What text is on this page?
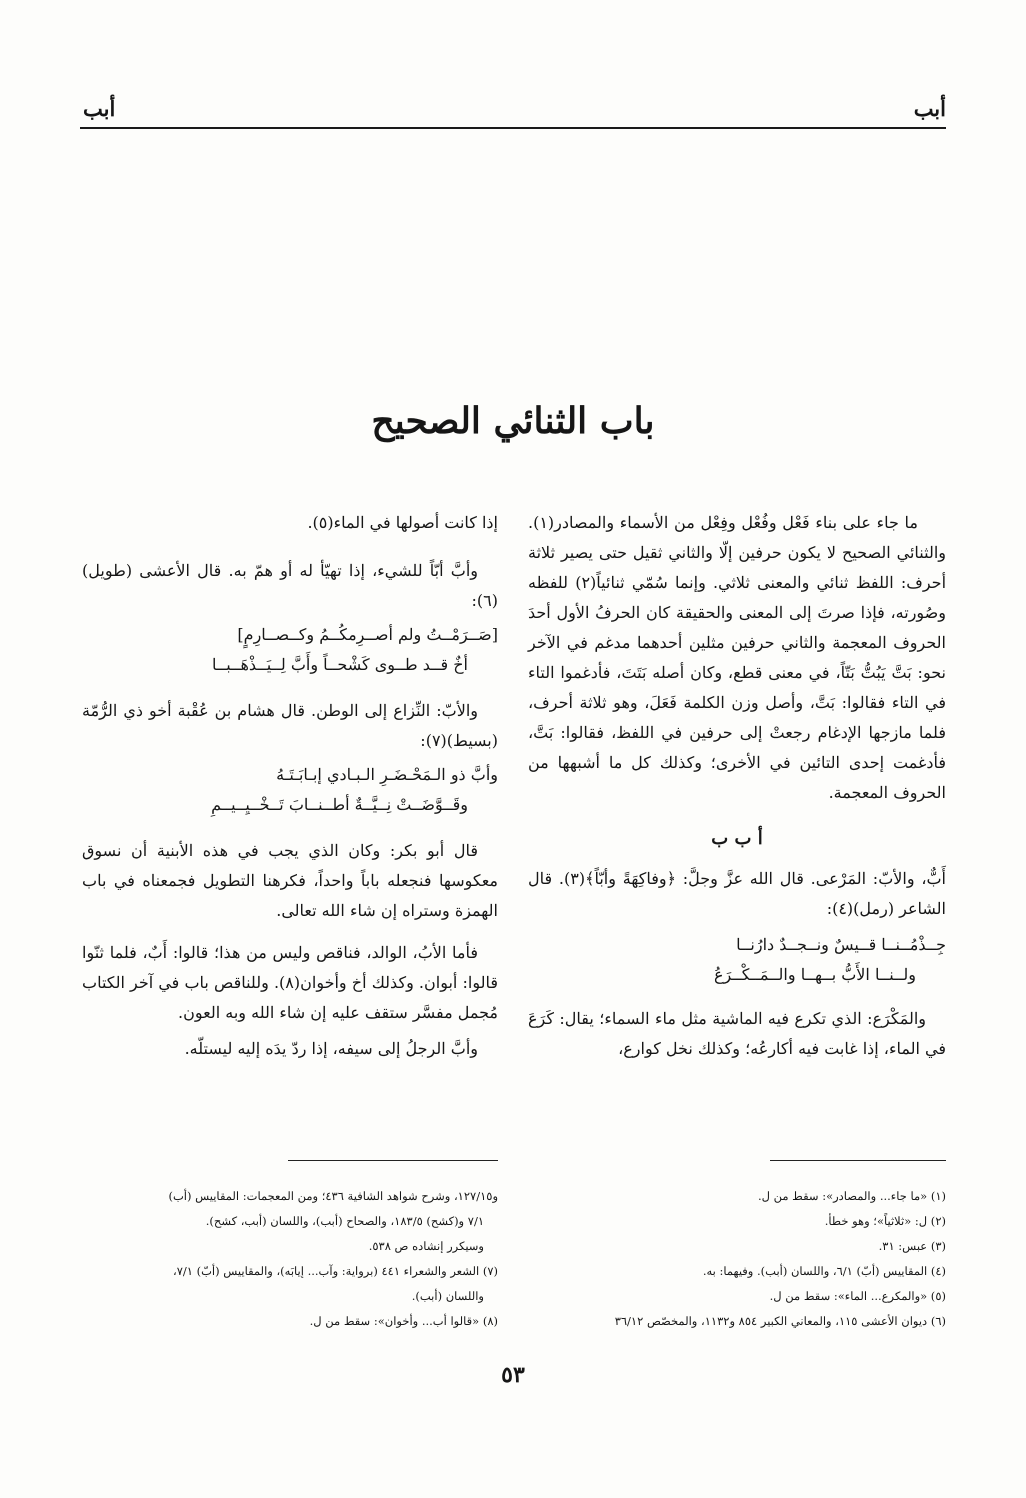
أبب
أبب
باب الثنائي الصحيح

ما جاء على بناء فَعْل وفُعْل وفِعْل من الأسماء والمصادر(١). والثنائي الصحيح لا يكون حرفين إلّا والثاني ثقيل حتى يصير ثلاثة أحرف: اللفظ ثنائي والمعنى ثلاثي. وإنما سُمّي ثنائياً(٢) للفظه وصُورته، فإذا صرتَ إلى المعنى والحقيقة كان الحرفُ الأول أحدَ الحروف المعجمة والثاني حرفين مثلين أحدهما مدغم في الآخر نحو: بَتَّ يَبُتُّ بَتّاً، في معنى قطع، وكان أصله بَتَتَ، فأدغموا التاء في التاء فقالوا: بَتَّ، وأصل وزن الكلمة فَعَلَ، وهو ثلاثة أحرف، فلما مازجها الإدغام رجعتْ إلى حرفين في اللفظ، فقالوا: بَتَّ، فأدغمت إحدى التائين في الأخرى؛ وكذلك كل ما أشبهها من الحروف المعجمة.

أ ب ب

أَبٌّ، والأبّ: المَرْعى. قال الله عزَّ وجلَّ: ﴿وفاكِهَةً وأبّاً﴾(٣). قال الشاعر (رمل)(٤):

جِــذْمُــنــا قــيسٌ ونــجــدٌ دارُنــا
ولــنــا الأَبُّ بــهــا والــمَــكْــرَعُ

والمَكْرَع: الذي تكرع فيه الماشية مثل ماء السماء؛ يقال: كَرَعَ في الماء، إذا غابت فيه أكارعُه؛ وكذلك نخل كوارع،

إذا كانت أصولها في الماء(٥).

وأبَّ أبّاً للشيء، إذا تهيّأ له أو همّ به. قال الأعشى (طويل)(٦):

[صَــرَمْــتُ ولم أصــرِمكُــمُ وكــصــارِمٍ]
أخٌ قــد طــوى كَشْحــاً وأَبَّ لِــيَــذْهَــبــا

والأبّ: النِّزاع إلى الوطن. قال هشام بن عُقْبة أخو ذي الرُّمّة (بسيط)(٧):

وأبَّ ذو الـمَحْـضَـرِ الـبـادي إبـابَـتَـهُ
وقَــوَّضَــتْ نِــيَّــةٌ أطــنــابَ تَــخْــيِــيــمِ

قال أبو بكر: وكان الذي يجب في هذه الأبنية أن نسوق معكوسها فنجعله باباً واحداً، فكرهنا التطويل فجمعناه في باب الهمزة وستراه إن شاء الله تعالى.

فأما الأبُ، الوالد، فناقص وليس من هذا؛ قالوا: أَبٌ، فلما ثنّوا قالوا: أبوان. وكذلك أخ وأخوان(٨). وللناقص باب في آخر الكتاب مُجمل مفسَّر ستقف عليه إن شاء الله وبه العون.

وأبَّ الرجلُ إلى سيفه، إذا ردّ يدَه إليه ليستلّه.

(١) «ما جاء... والمصادر»: سقط من ل.
(٢) ل: «ثلاثياً»؛ وهو خطأ.
(٣) عبس: ٣١.
(٤) المقاييس (أبّ) ٦/١، واللسان (أبب). وفيهما: به.
(٥) «والمكرع... الماء»: سقط من ل.
(٦) ديوان الأعشى ١١٥، والمعاني الكبير ٨٥٤ و١١٣٢، والمخصّص ٣٦/١٢
و١٢٧/١٥، وشرح شواهد الشافية ٤٣٦؛ ومن المعجمات: المقاييس (أب)
٧/١ و(كشح) ١٨٣/٥، والصحاح (أبب)، واللسان (أبب، كشح).
وسيكرر إنشاده ص ٥٣٨.
(٧) الشعر والشعراء ٤٤١ (برواية: وآب... إيابَه)، والمقاييس (أبّ) ٧/١،
واللسان (أبب).
(٨) «قالوا أب... وأخوان»: سقط من ل.
٥٣
